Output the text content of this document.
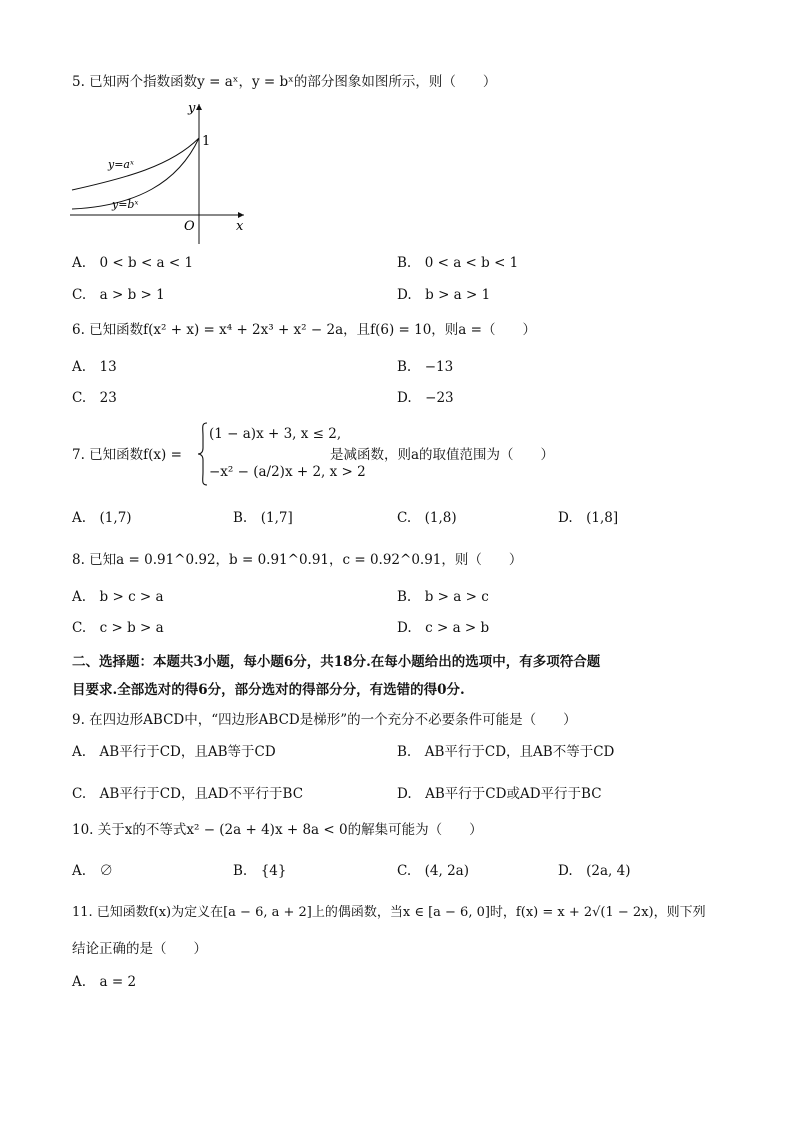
5. 已知两个指数函数y = aˣ，y = bˣ的部分图象如图所示，则（　　）
y
x
O
1
y=aˣ
y=bˣ
A.　0 < b < a < 1	B.　0 < a < b < 1
C.　a > b > 1	D.　b > a > 1
6. 已知函数f(x² + x) = x⁴ + 2x³ + x² − 2a，且f(6) = 10，则a =（　　）
A.　13	B.　−13
C.　23	D.　−23
7. 已知函数f(x) =
(1 − a)x + 3, x ≤ 2,
−x² − (a/2)x + 2, x > 2
是减函数，则a的取值范围为（　　）
A.　(1,7)	B.　(1,7]	C.　(1,8)	D.　(1,8]
8. 已知a = 0.91^0.92，b = 0.91^0.91，c = 0.92^0.91，则（　　）
A.　b > c > a	B.　b > a > c
C.　c > b > a	D.　c > a > b
二、选择题：本题共3小题，每小题6分，共18分.在每小题给出的选项中，有多项符合题
目要求.全部选对的得6分，部分选对的得部分分，有选错的得0分.
9. 在四边形ABCD中，“四边形ABCD是梯形”的一个充分不必要条件可能是（　　）
A.　AB平行于CD，且AB等于CD	B.　AB平行于CD，且AB不等于CD
C.　AB平行于CD，且AD不平行于BC	D.　AB平行于CD或AD平行于BC
10. 关于x的不等式x² − (2a + 4)x + 8a < 0的解集可能为（　　）
A.　∅	B.　{4}	C.　(4, 2a)	D.　(2a, 4)
11. 已知函数f(x)为定义在[a − 6, a + 2]上的偶函数，当x ∈ [a − 6, 0]时，f(x) = x + 2√(1 − 2x)，则下列
结论正确的是（　　）
A.　a = 2
